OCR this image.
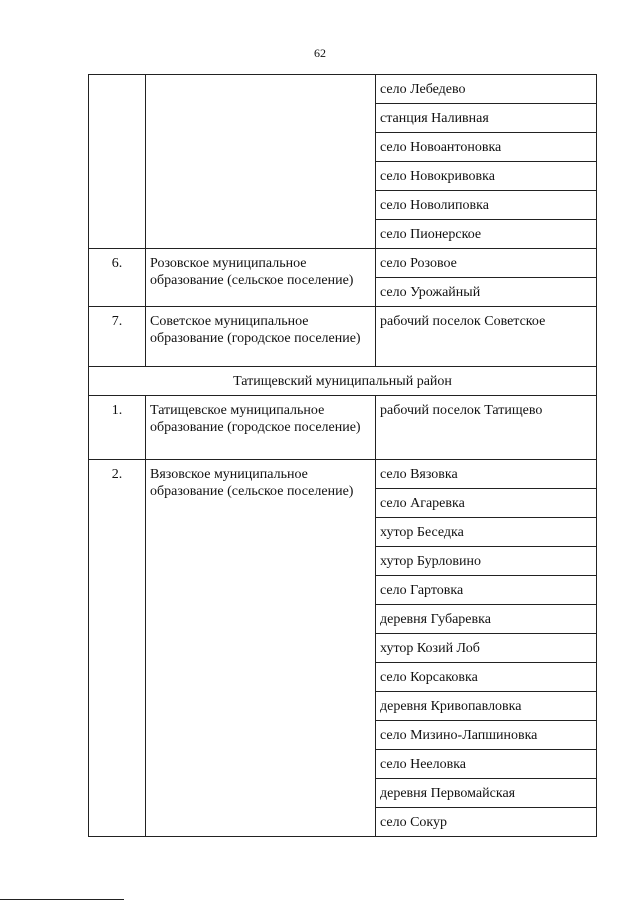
62
		село Лебедево
		станция Наливная
		село Новоантоновка
		село Новокривовка
		село Новолиповка
		село Пионерское
6.	Розовское муниципальное образование (сельское поселение)	село Розовое
		село Урожайный
7.	Советское муниципальное образование (городское поселение)	рабочий поселок Советское
Татищевский муниципальный район		
1.	Татищевское муниципальное образование (городское поселение)	рабочий поселок Татищево
2.	Вязовское муниципальное образование (сельское поселение)	село Вязовка
		село Агаревка
		хутор Беседка
		хутор Бурловино
		село Гартовка
		деревня Губаревка
		хутор Козий Лоб
		село Корсаковка
		деревня Кривопавловка
		село Мизино-Лапшиновка
		село Нееловка
		деревня Первомайская
		село Сокур
